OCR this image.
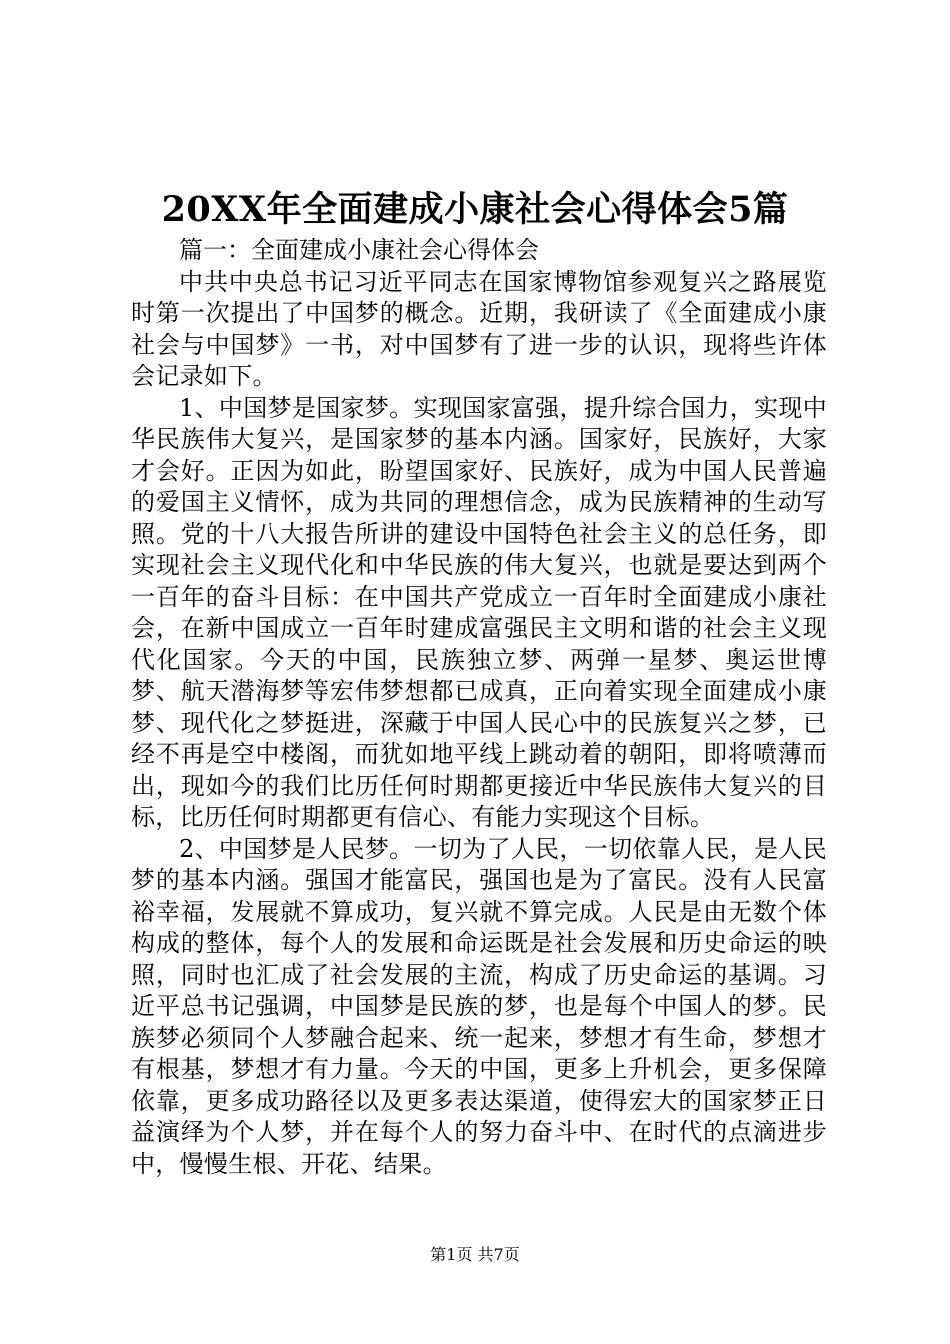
20XX年全面建成小康社会心得体会5篇

篇一：全面建成小康社会心得体会

中共中央总书记习近平同志在国家博物馆参观复兴之路展览时第一次提出了中国梦的概念。近期，我研读了《全面建成小康社会与中国梦》一书，对中国梦有了进一步的认识，现将些许体会记录如下。

1、中国梦是国家梦。实现国家富强，提升综合国力，实现中华民族伟大复兴，是国家梦的基本内涵。国家好，民族好，大家才会好。正因为如此，盼望国家好、民族好，成为中国人民普遍的爱国主义情怀，成为共同的理想信念，成为民族精神的生动写照。党的十八大报告所讲的建设中国特色社会主义的总任务，即实现社会主义现代化和中华民族的伟大复兴，也就是要达到两个一百年的奋斗目标：在中国共产党成立一百年时全面建成小康社会，在新中国成立一百年时建成富强民主文明和谐的社会主义现代化国家。今天的中国，民族独立梦、两弹一星梦、奥运世博梦、航天潜海梦等宏伟梦想都已成真，正向着实现全面建成小康梦、现代化之梦挺进，深藏于中国人民心中的民族复兴之梦，已经不再是空中楼阁，而犹如地平线上跳动着的朝阳，即将喷薄而出，现如今的我们比历任何时期都更接近中华民族伟大复兴的目标，比历任何时期都更有信心、有能力实现这个目标。

2、中国梦是人民梦。一切为了人民，一切依靠人民，是人民梦的基本内涵。强国才能富民，强国也是为了富民。没有人民富裕幸福，发展就不算成功，复兴就不算完成。人民是由无数个体构成的整体，每个人的发展和命运既是社会发展和历史命运的映照，同时也汇成了社会发展的主流，构成了历史命运的基调。习近平总书记强调，中国梦是民族的梦，也是每个中国人的梦。民族梦必须同个人梦融合起来、统一起来，梦想才有生命，梦想才有根基，梦想才有力量。今天的中国，更多上升机会，更多保障依靠，更多成功路径以及更多表达渠道，使得宏大的国家梦正日益演绎为个人梦，并在每个人的努力奋斗中、在时代的点滴进步中，慢慢生根、开花、结果。

第1页 共7页
